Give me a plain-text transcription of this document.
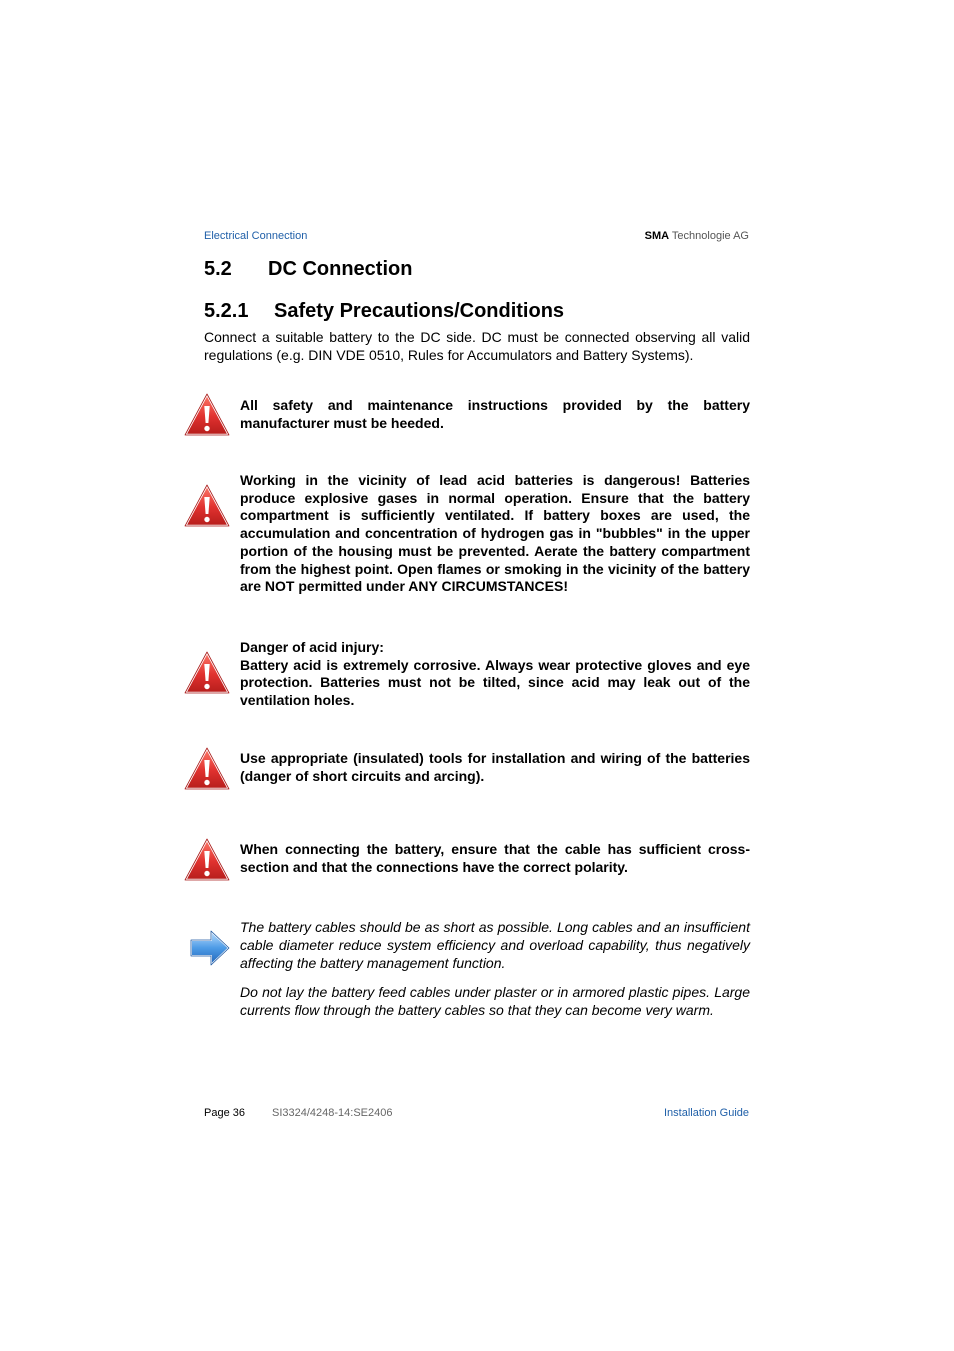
Electrical Connection	SMA Technologie AG
5.2 DC Connection
5.2.1 Safety Precautions/Conditions
Connect a suitable battery to the DC side. DC must be connected observing all valid regulations (e.g. DIN VDE 0510, Rules for Accumulators and Battery Systems).
All safety and maintenance instructions provided by the battery manufacturer must be heeded.
Working in the vicinity of lead acid batteries is dangerous! Batteries produce explosive gases in normal operation. Ensure that the battery compartment is sufficiently ventilated. If battery boxes are used, the accumulation and concentration of hydrogen gas in "bubbles" in the upper portion of the housing must be prevented. Aerate the battery compartment from the highest point. Open flames or smoking in the vicinity of the battery are NOT permitted under ANY CIRCUMSTANCES!
Danger of acid injury:
Battery acid is extremely corrosive. Always wear protective gloves and eye protection. Batteries must not be tilted, since acid may leak out of the ventilation holes.
Use appropriate (insulated) tools for installation and wiring of the batteries (danger of short circuits and arcing).
When connecting the battery, ensure that the cable has sufficient cross-section and that the connections have the correct polarity.
The battery cables should be as short as possible. Long cables and an insufficient cable diameter reduce system efficiency and overload capability, thus negatively affecting the battery management function.
Do not lay the battery feed cables under plaster or in armored plastic pipes. Large currents flow through the battery cables so that they can become very warm.
Page 36 SI3324/4248-14:SE2406	Installation Guide
